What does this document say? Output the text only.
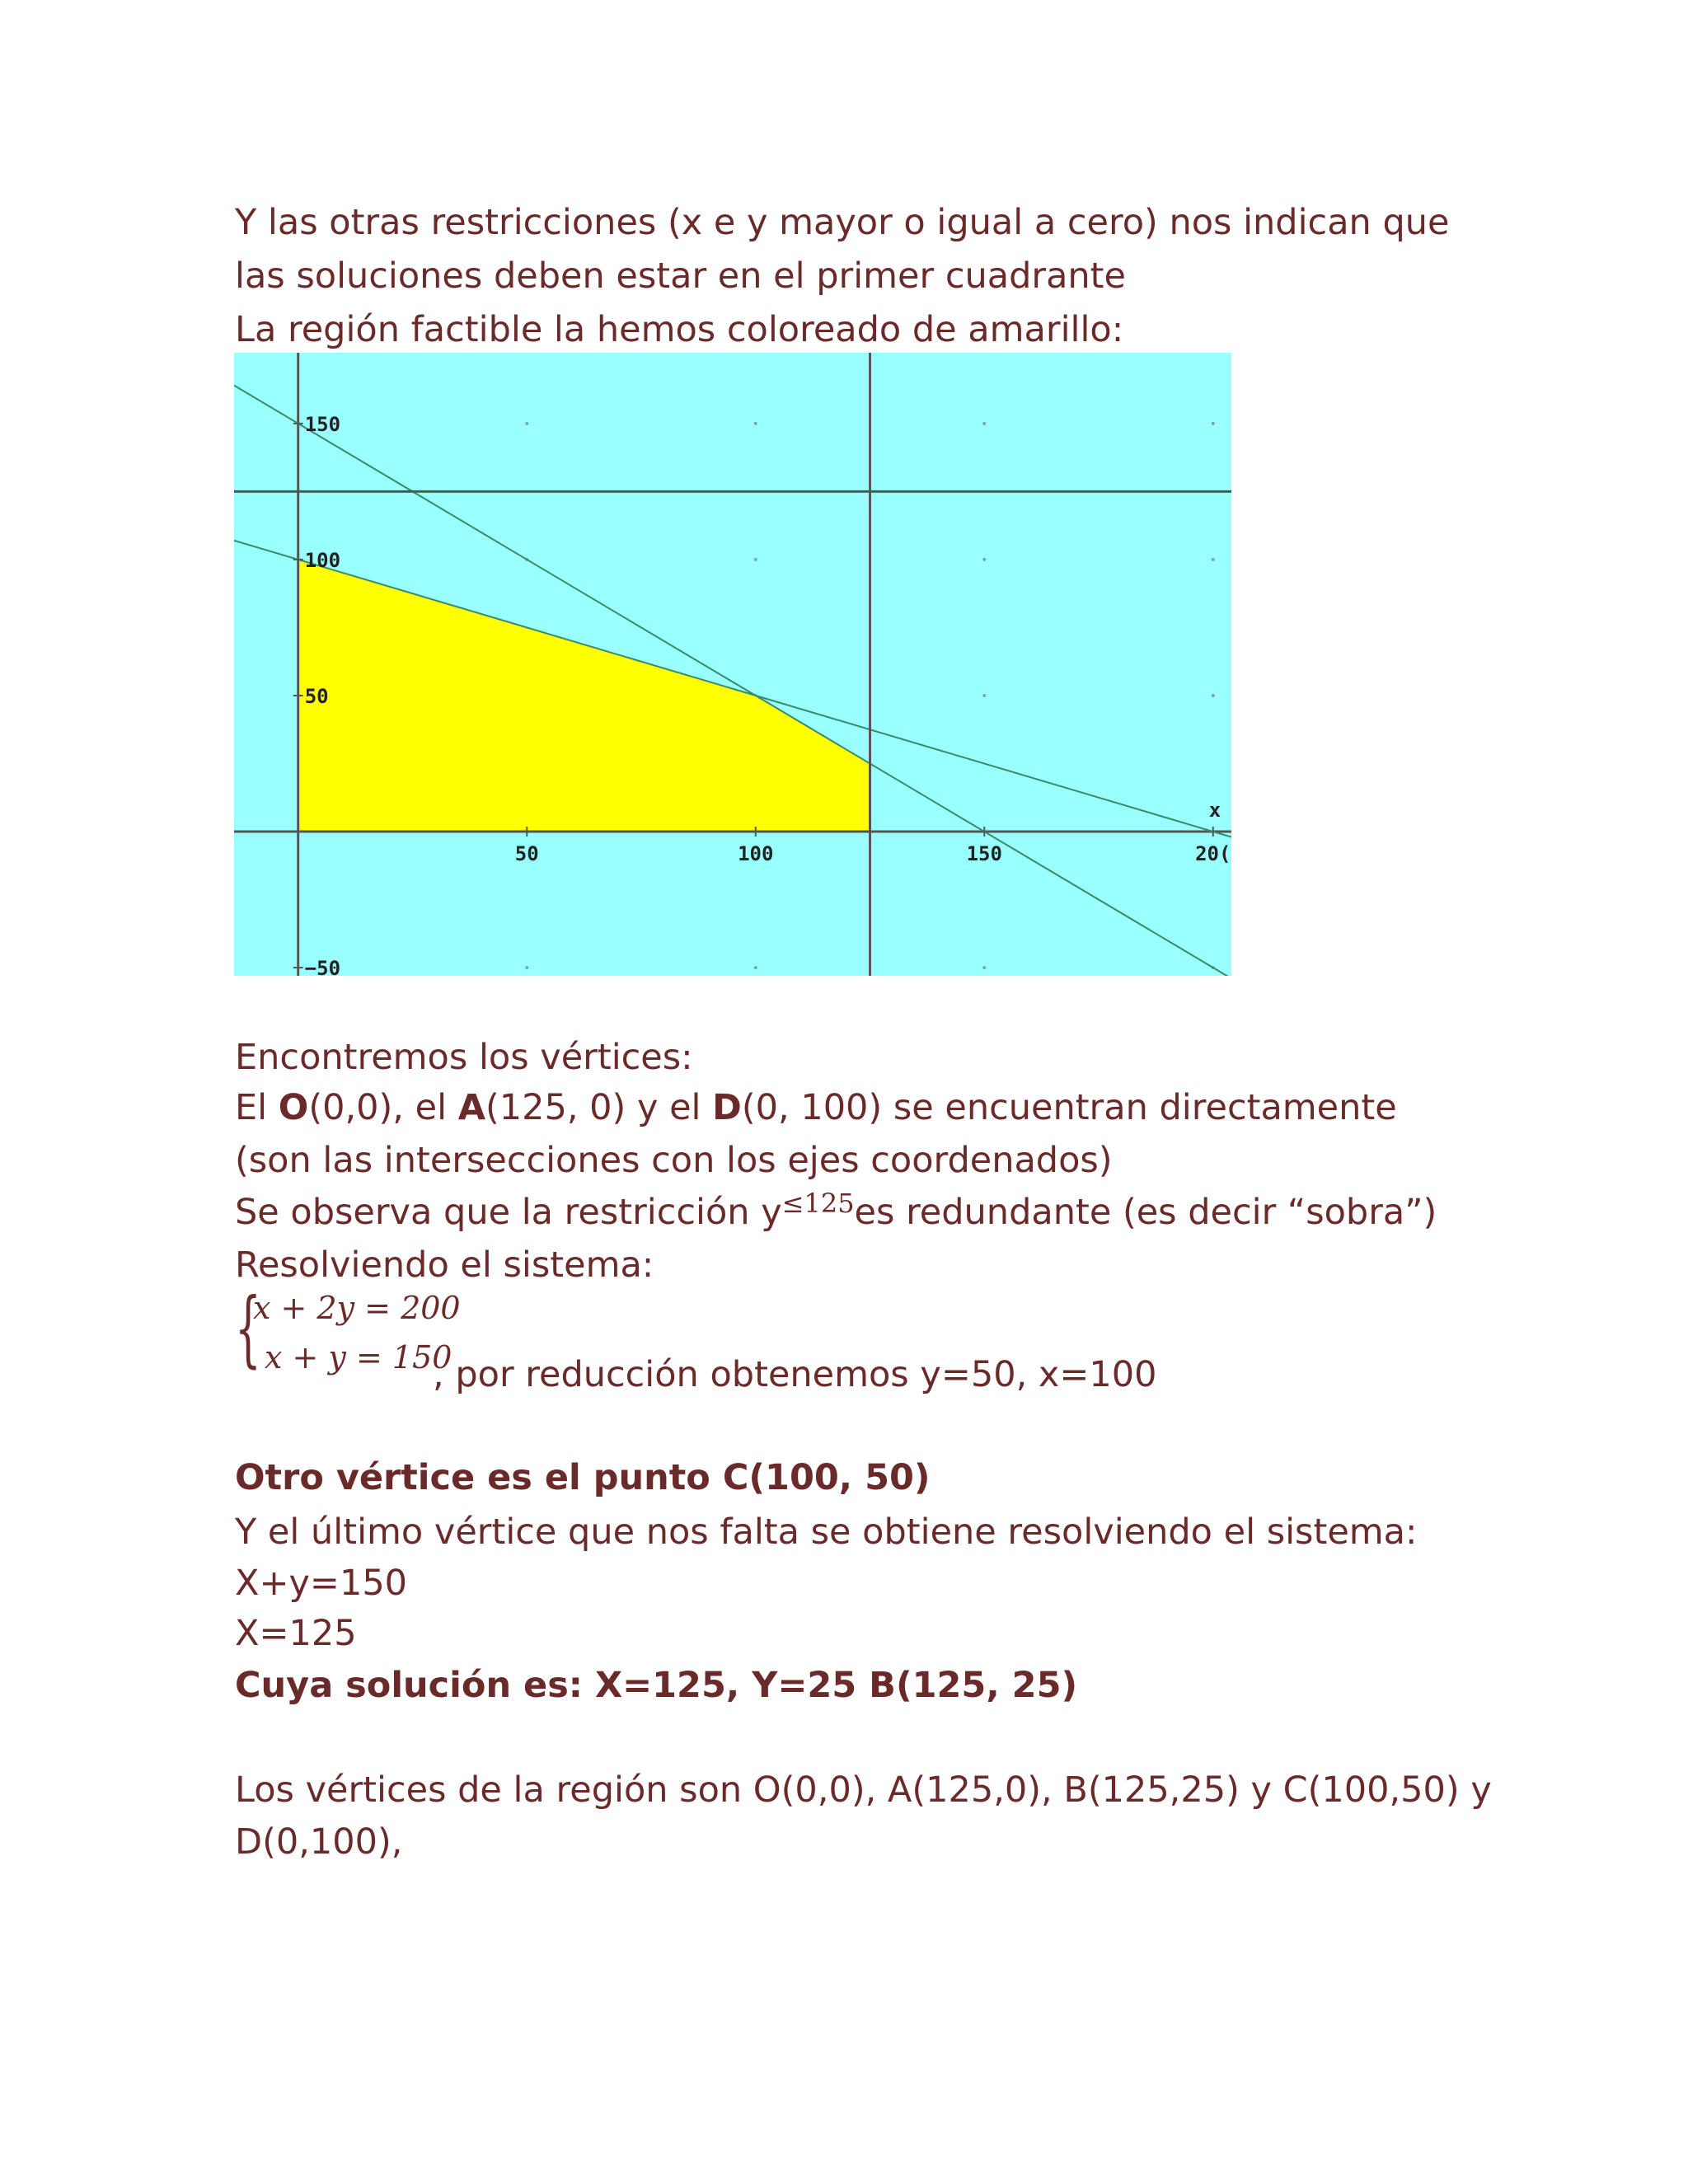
Y las otras restricciones (x e y mayor o igual a cero) nos indican que
las soluciones deben estar en el primer cuadrante
La región factible la hemos coloreado de amarillo:
50	100	150	20(
150
100
50
−50
x
Encontremos los vértices:
El O(0,0), el A(125, 0) y el D(0, 100) se encuentran directamente
(son las intersecciones con los ejes coordenados)
Se observa que la restricción $y^{\le 125}es$ redundante (es decir “sobra”)
Resolviendo el sistema:
{
x + 2y = 200
x + y = 150
, por reducción obtenemos y=50, x=100
Otro vértice es el punto C(100, 50)
Y el último vértice que nos falta se obtiene resolviendo el sistema:
X+y=150
X=125
Cuya solución es: X=125, Y=25 B(125, 25)
Los vértices de la región son O(0,0), A(125,0), B(125,25) y C(100,50) y
D(0,100),
